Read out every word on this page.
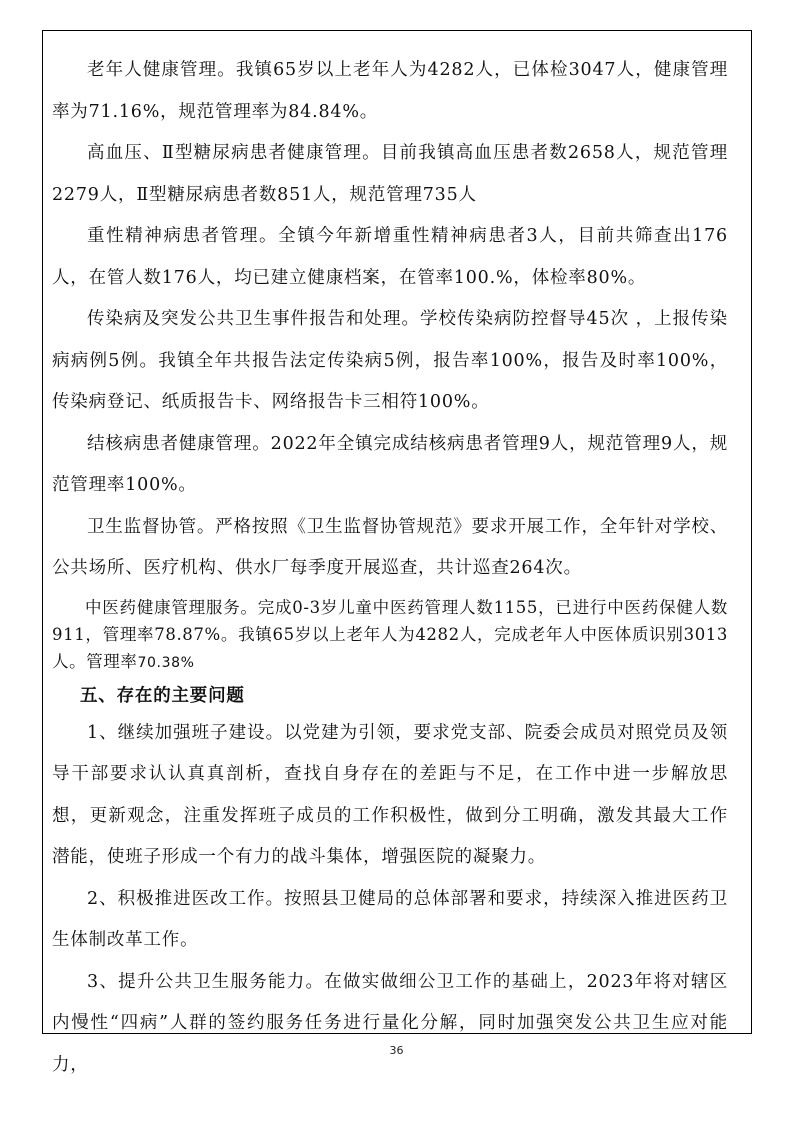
老年人健康管理。我镇65岁以上老年人为4282人，已体检3047人，健康管理率为71.16%，规范管理率为84.84%。

高血压、Ⅱ型糖尿病患者健康管理。目前我镇高血压患者数2658人，规范管理2279人，Ⅱ型糖尿病患者数851人，规范管理735人

重性精神病患者管理。全镇今年新增重性精神病患者3人，目前共筛查出176人，在管人数176人，均已建立健康档案，在管率100.%，体检率80%。

传染病及突发公共卫生事件报告和处理。学校传染病防控督导45次 ，上报传染病病例5例。我镇全年共报告法定传染病5例，报告率100%，报告及时率100%，传染病登记、纸质报告卡、网络报告卡三相符100%。

结核病患者健康管理。2022年全镇完成结核病患者管理9人，规范管理9人，规范管理率100%。

卫生监督协管。严格按照《卫生监督协管规范》要求开展工作，全年针对学校、公共场所、医疗机构、供水厂每季度开展巡查，共计巡查264次。

中医药健康管理服务。完成0-3岁儿童中医药管理人数1155，已进行中医药保健人数911，管理率78.87%。我镇65岁以上老年人为4282人，完成老年人中医体质识别3013人。管理率70.38%

五、存在的主要问题

1、继续加强班子建设。以党建为引领，要求党支部、院委会成员对照党员及领导干部要求认认真真剖析，查找自身存在的差距与不足，在工作中进一步解放思想，更新观念，注重发挥班子成员的工作积极性，做到分工明确，激发其最大工作潜能，使班子形成一个有力的战斗集体，增强医院的凝聚力。

2、积极推进医改工作。按照县卫健局的总体部署和要求，持续深入推进医药卫生体制改革工作。

3、提升公共卫生服务能力。在做实做细公卫工作的基础上，2023年将对辖区内慢性“四病”人群的签约服务任务进行量化分解，同时加强突发公共卫生应对能力，

36
